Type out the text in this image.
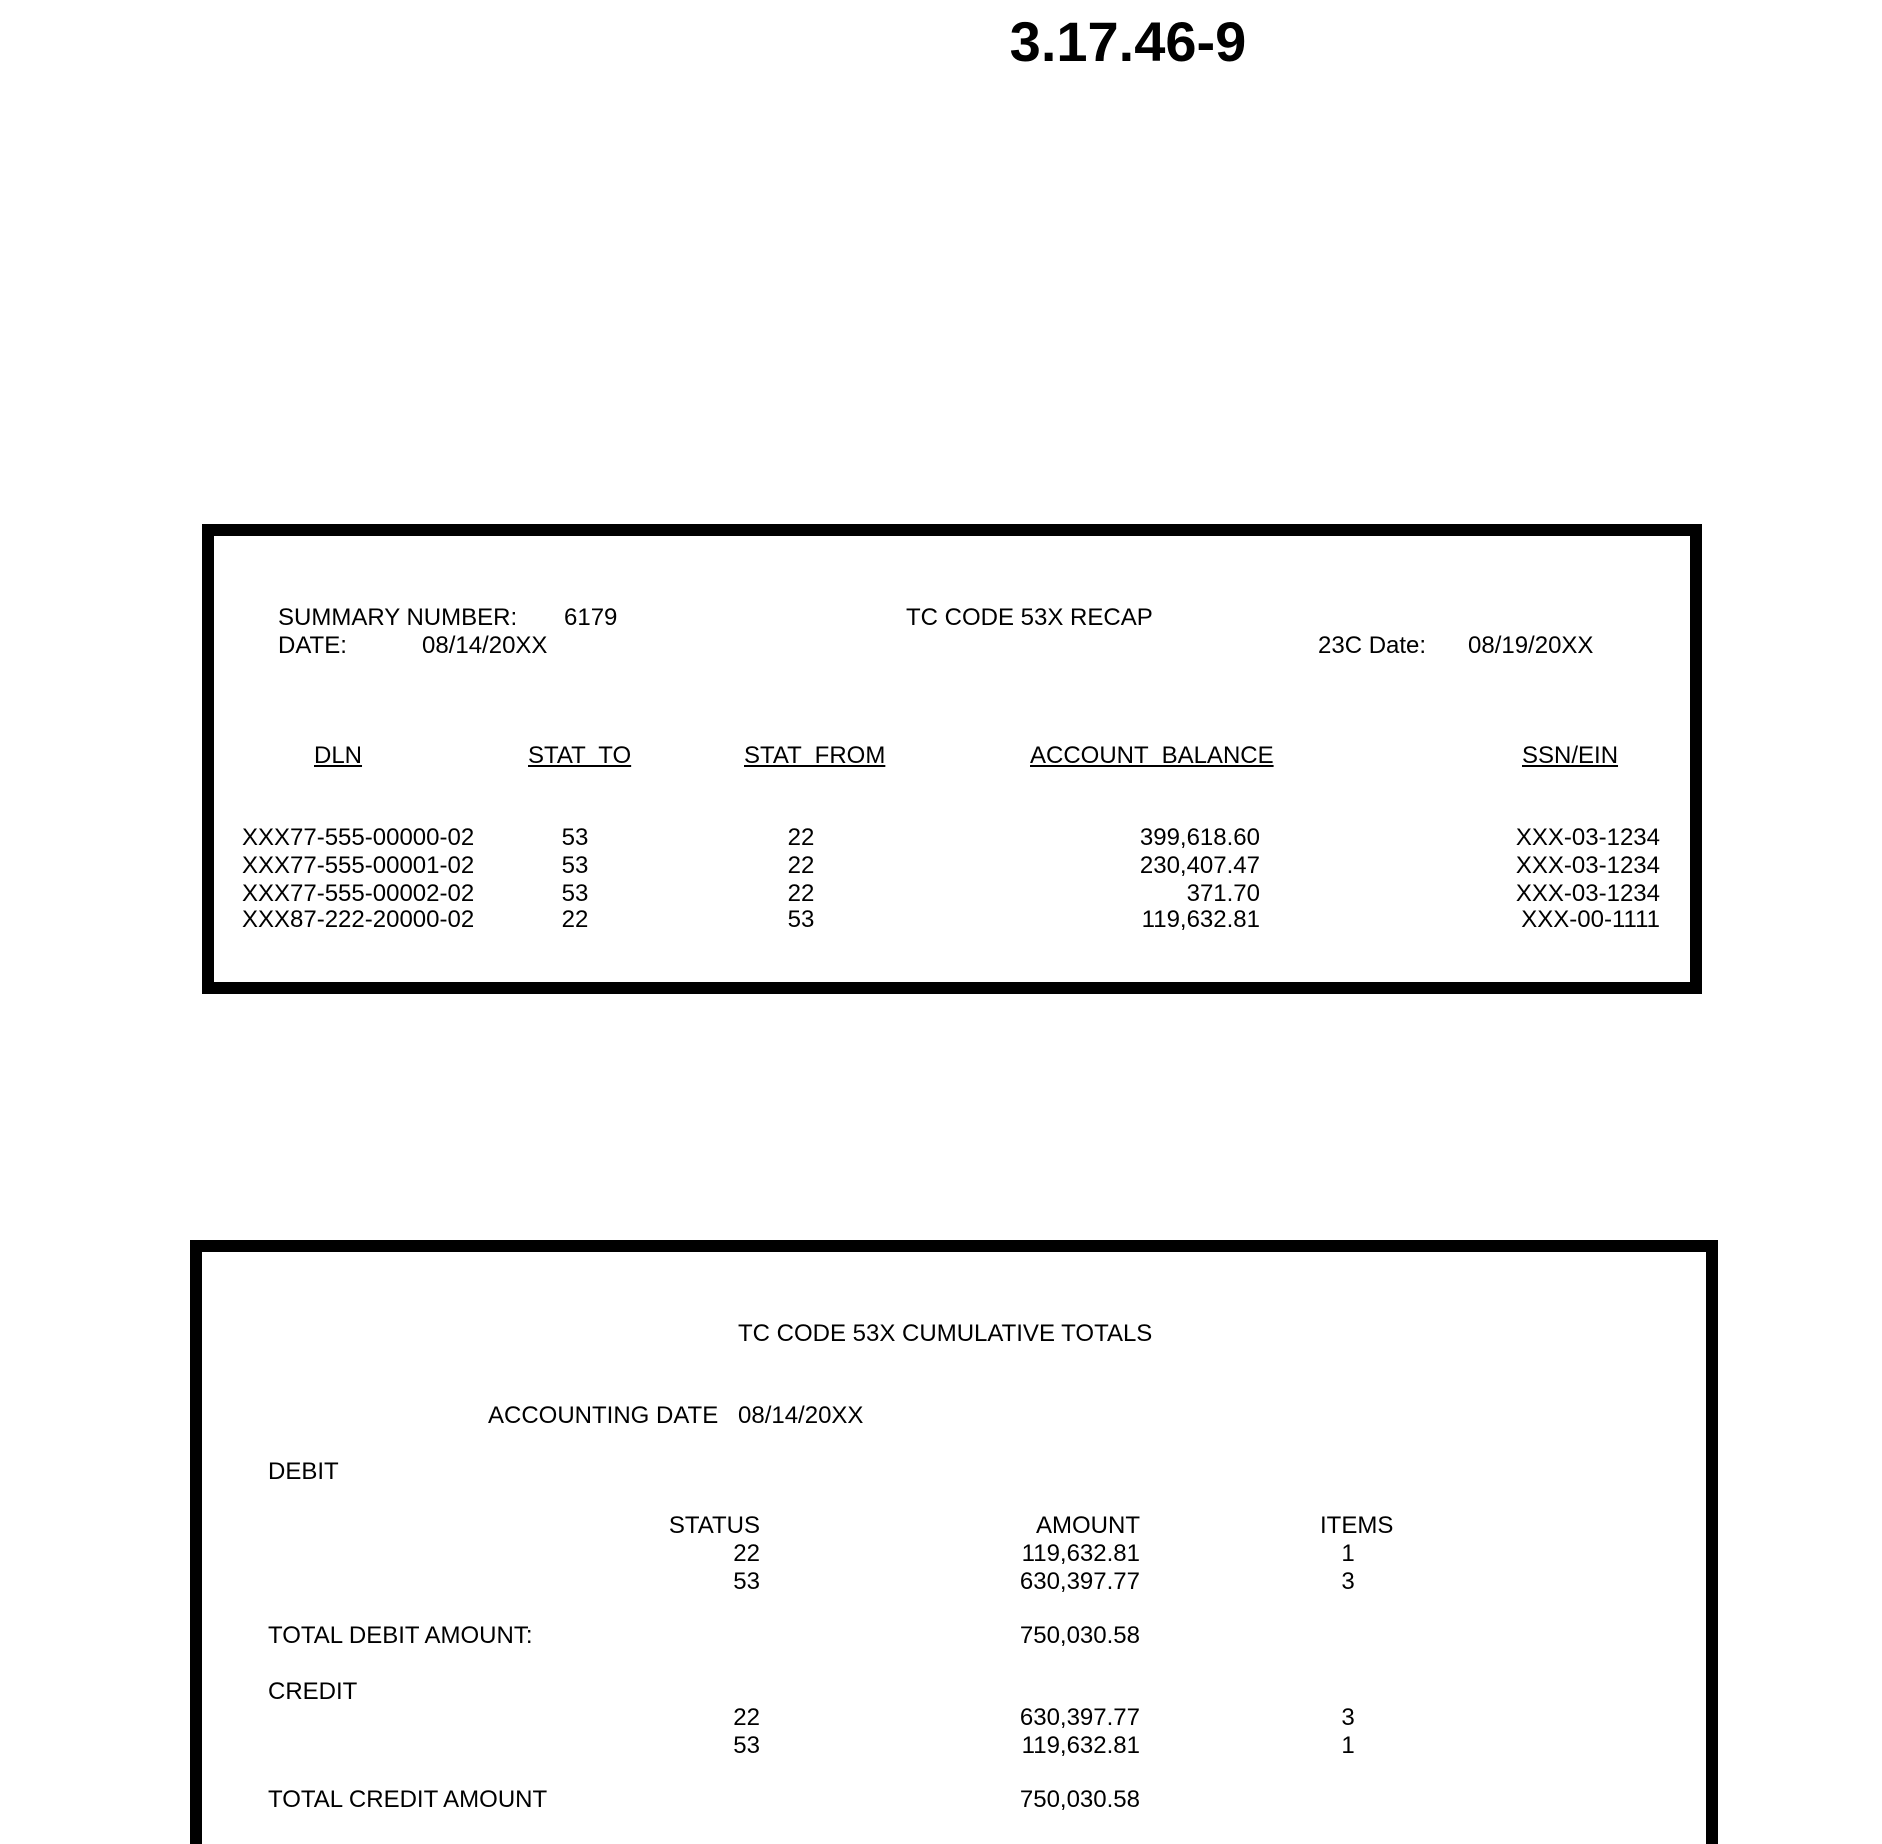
3.17.46-9
SUMMARY NUMBER: 6179	TC CODE 53X RECAP
DATE:	08/14/20XX	23C Date: 08/19/20XX
DLN	STAT  TO	STAT  FROM	ACCOUNT  BALANCE	SSN/EIN
XXX77-555-00000-02	53	22	399,618.60	XXX-03-1234
XXX77-555-00001-02	53	22	230,407.47	XXX-03-1234
XXX77-555-00002-02	53	22	371.70	XXX-03-1234
XXX87-222-20000-02	22	53	119,632.81	XXX-00-1111
TC CODE 53X CUMULATIVE TOTALS
ACCOUNTING DATE 08/14/20XX
DEBIT
STATUS	AMOUNT	ITEMS
22	119,632.81	1
53	630,397.77	3
TOTAL DEBIT AMOUNT:	750,030.58
CREDIT
22	630,397.77	3
53	119,632.81	1
TOTAL CREDIT AMOUNT	750,030.58
